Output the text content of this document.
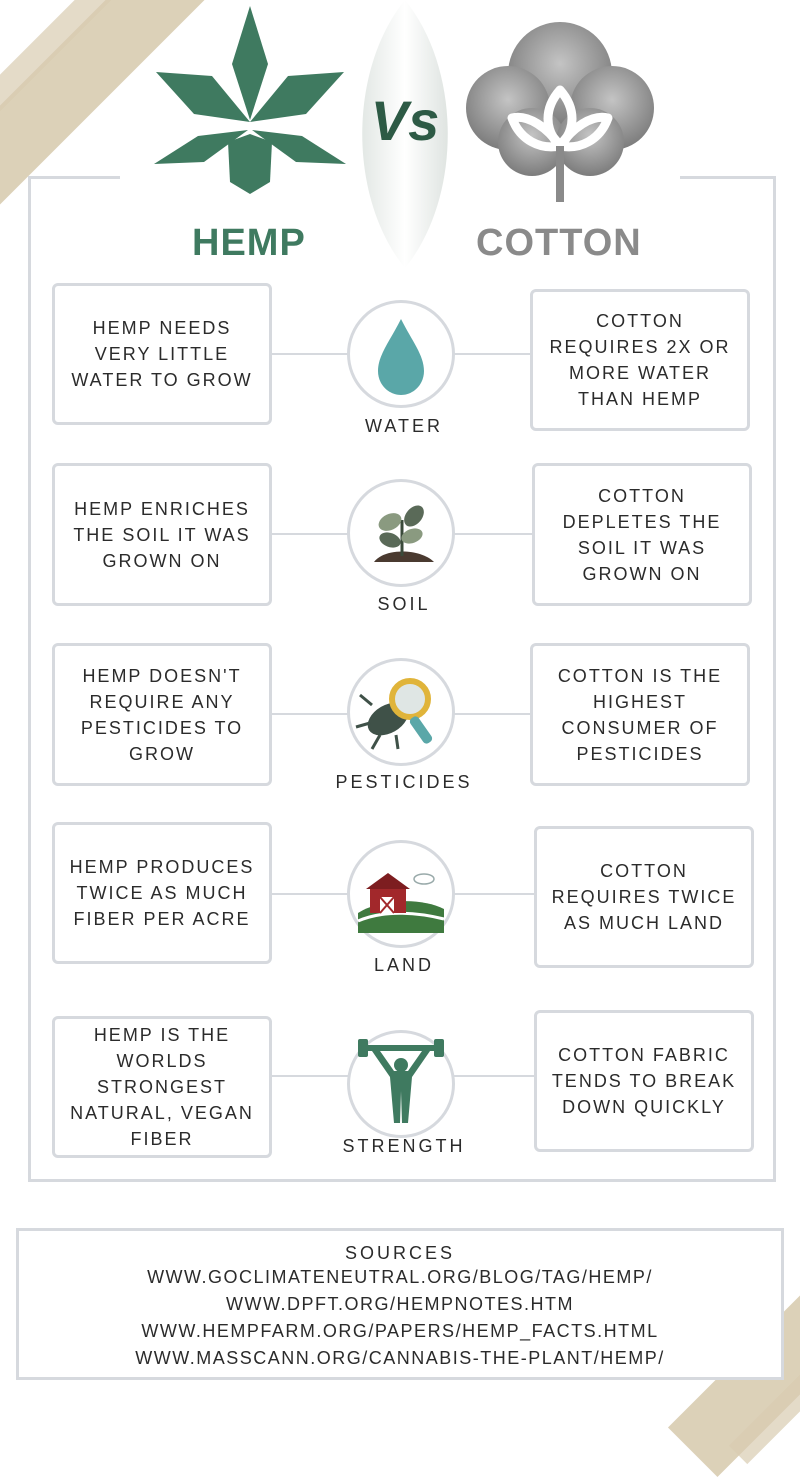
Vs
HEMP	COTTON
HEMP NEEDS VERY LITTLE WATER TO GROW
COTTON REQUIRES 2X OR MORE WATER THAN HEMP
WATER
HEMP ENRICHES THE SOIL IT WAS GROWN ON
COTTON DEPLETES THE SOIL IT WAS GROWN ON
SOIL
HEMP DOESN'T REQUIRE ANY PESTICIDES TO GROW
COTTON IS THE HIGHEST CONSUMER OF PESTICIDES
PESTICIDES
HEMP PRODUCES TWICE AS MUCH FIBER PER ACRE
COTTON REQUIRES TWICE AS MUCH LAND
LAND
HEMP IS THE WORLDS STRONGEST NATURAL, VEGAN FIBER
COTTON FABRIC TENDS TO BREAK DOWN QUICKLY
STRENGTH
SOURCES
WWW.GOCLIMATENEUTRAL.ORG/BLOG/TAG/HEMP/
WWW.DPFT.ORG/HEMPNOTES.HTM
WWW.HEMPFARM.ORG/PAPERS/HEMP_FACTS.HTML
WWW.MASSCANN.ORG/CANNABIS-THE-PLANT/HEMP/
